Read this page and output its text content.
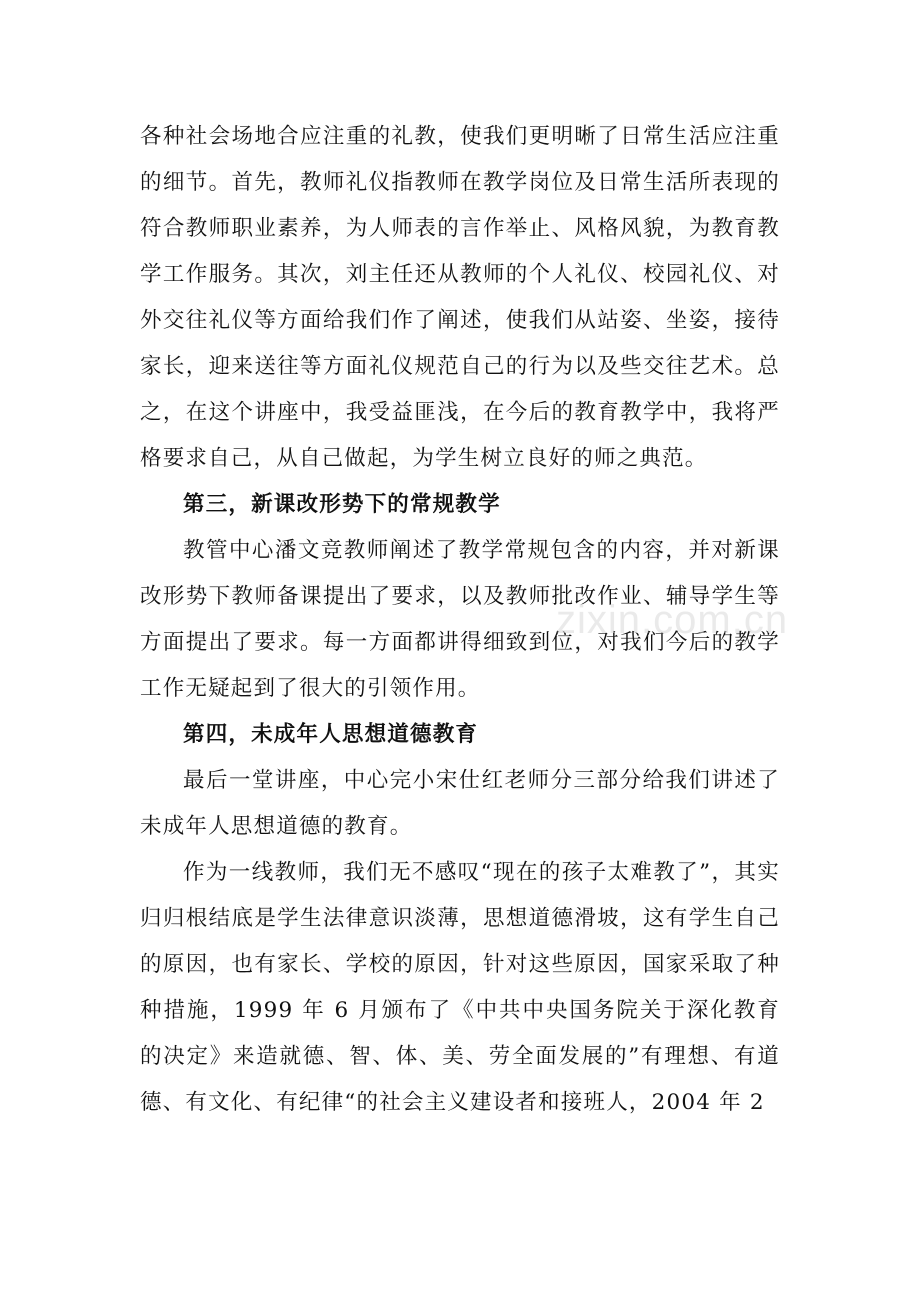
各种社会场地合应注重的礼教，使我们更明晰了日常生活应注重的细节。首先，教师礼仪指教师在教学岗位及日常生活所表现的符合教师职业素养，为人师表的言作举止、风格风貌，为教育教学工作服务。其次，刘主任还从教师的个人礼仪、校园礼仪、对外交往礼仪等方面给我们作了阐述，使我们从站姿、坐姿，接待家长，迎来送往等方面礼仪规范自己的行为以及些交往艺术。总之，在这个讲座中，我受益匪浅，在今后的教育教学中，我将严格要求自己，从自己做起，为学生树立良好的师之典范。

第三，新课改形势下的常规教学

教管中心潘文竞教师阐述了教学常规包含的内容，并对新课改形势下教师备课提出了要求，以及教师批改作业、辅导学生等方面提出了要求。每一方面都讲得细致到位，对我们今后的教学工作无疑起到了很大的引领作用。

第四，未成年人思想道德教育

最后一堂讲座，中心完小宋仕红老师分三部分给我们讲述了未成年人思想道德的教育。

作为一线教师，我们无不感叹“现在的孩子太难教了”，其实归归根结底是学生法律意识淡薄，思想道德滑坡，这有学生自己的原因，也有家长、学校的原因，针对这些原因，国家采取了种种措施，1999 年 6 月颁布了《中共中央国务院关于深化教育的决定》来造就德、智、体、美、劳全面发展的”有理想、有道德、有文化、有纪律“的社会主义建设者和接班人，2004 年 2

zixin.com.cn
